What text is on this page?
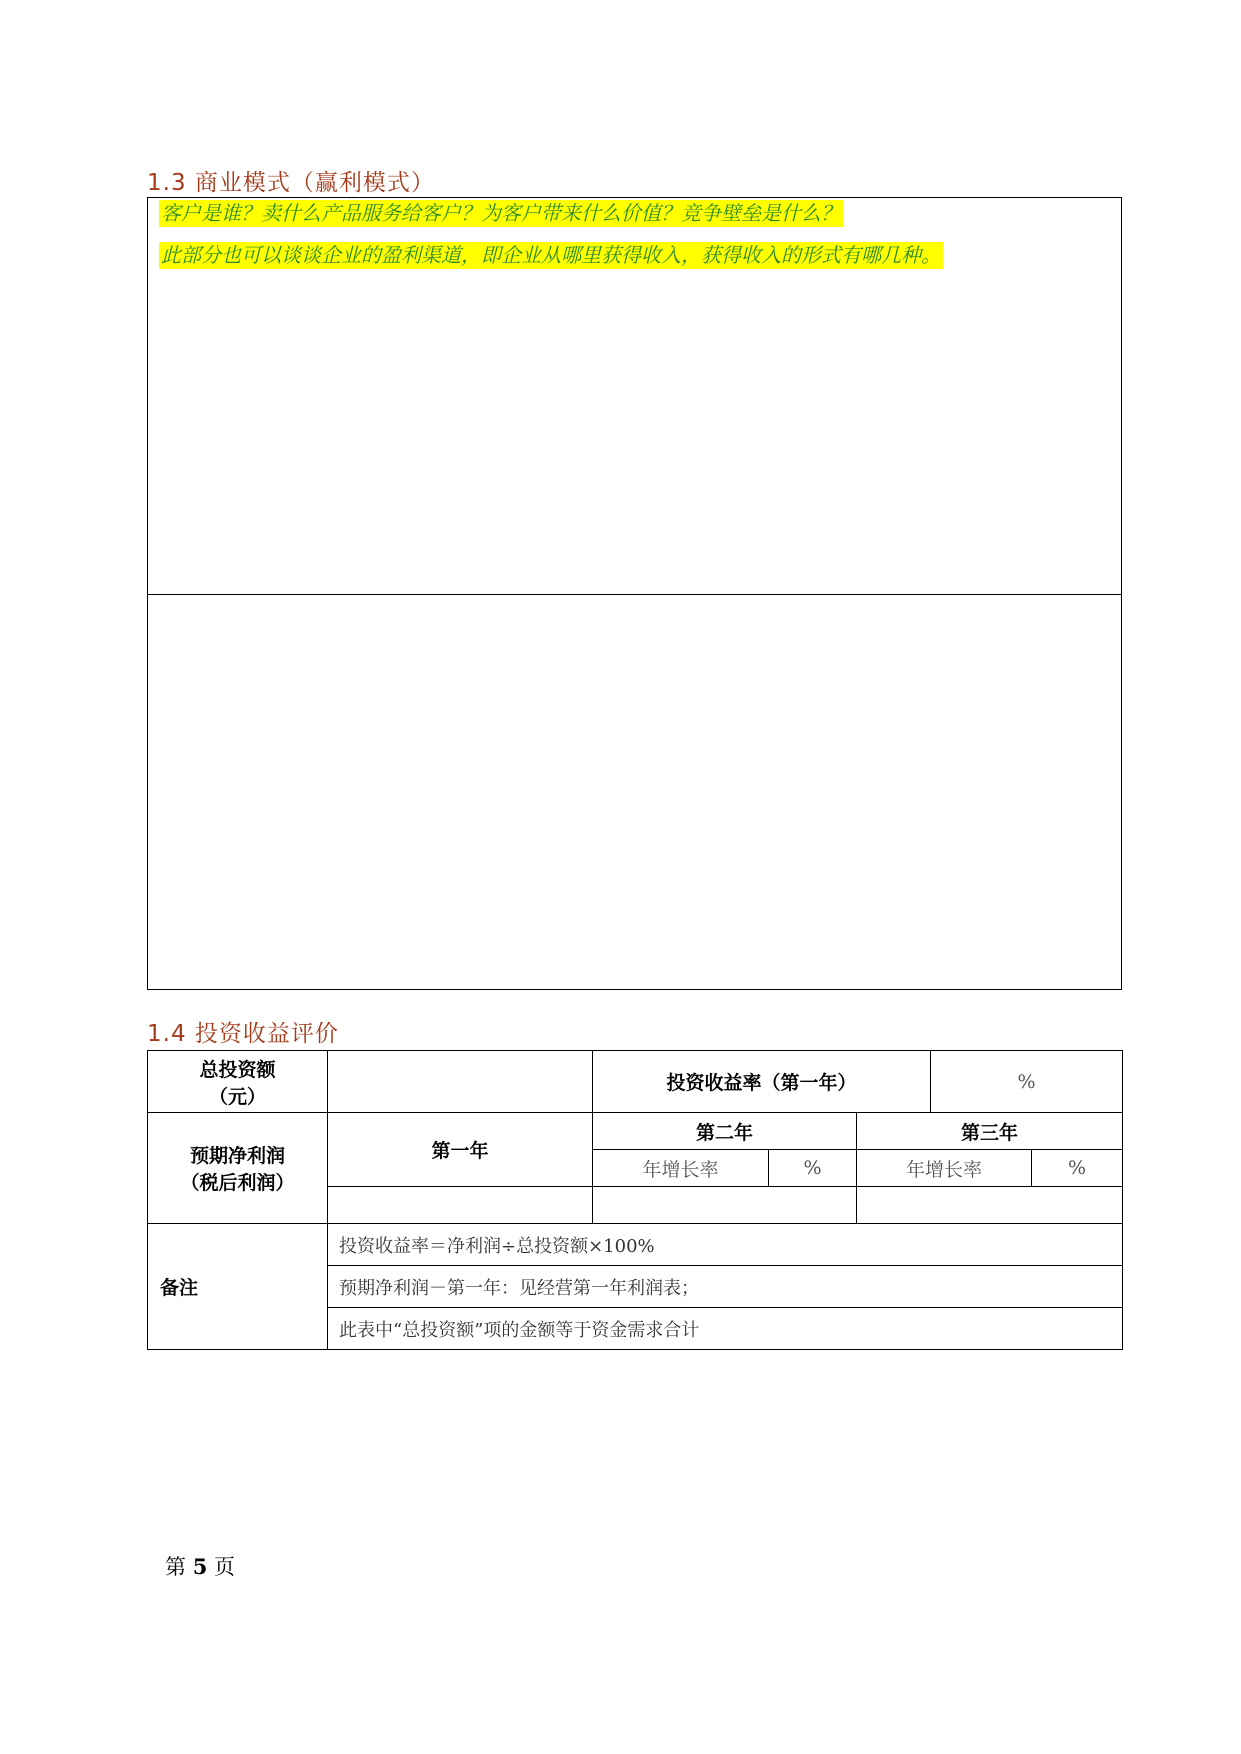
1.3 商业模式（赢利模式）
客户是谁？卖什么产品服务给客户？为客户带来什么价值？竞争壁垒是什么？
此部分也可以谈谈企业的盈利渠道，即企业从哪里获得收入，获得收入的形式有哪几种。
1.4 投资收益评价
总投资额
（元）		投资收益率（第一年）			%	

预期净利润
（税后利润）	第一年	第二年		第三年		
		年增长率	%	年增长率		%

备注	投资收益率＝净利润÷总投资额×100%					
	预期净利润－第一年：见经营第一年利润表；					
	此表中“总投资额”项的金额等于资金需求合计					
第 5 页
